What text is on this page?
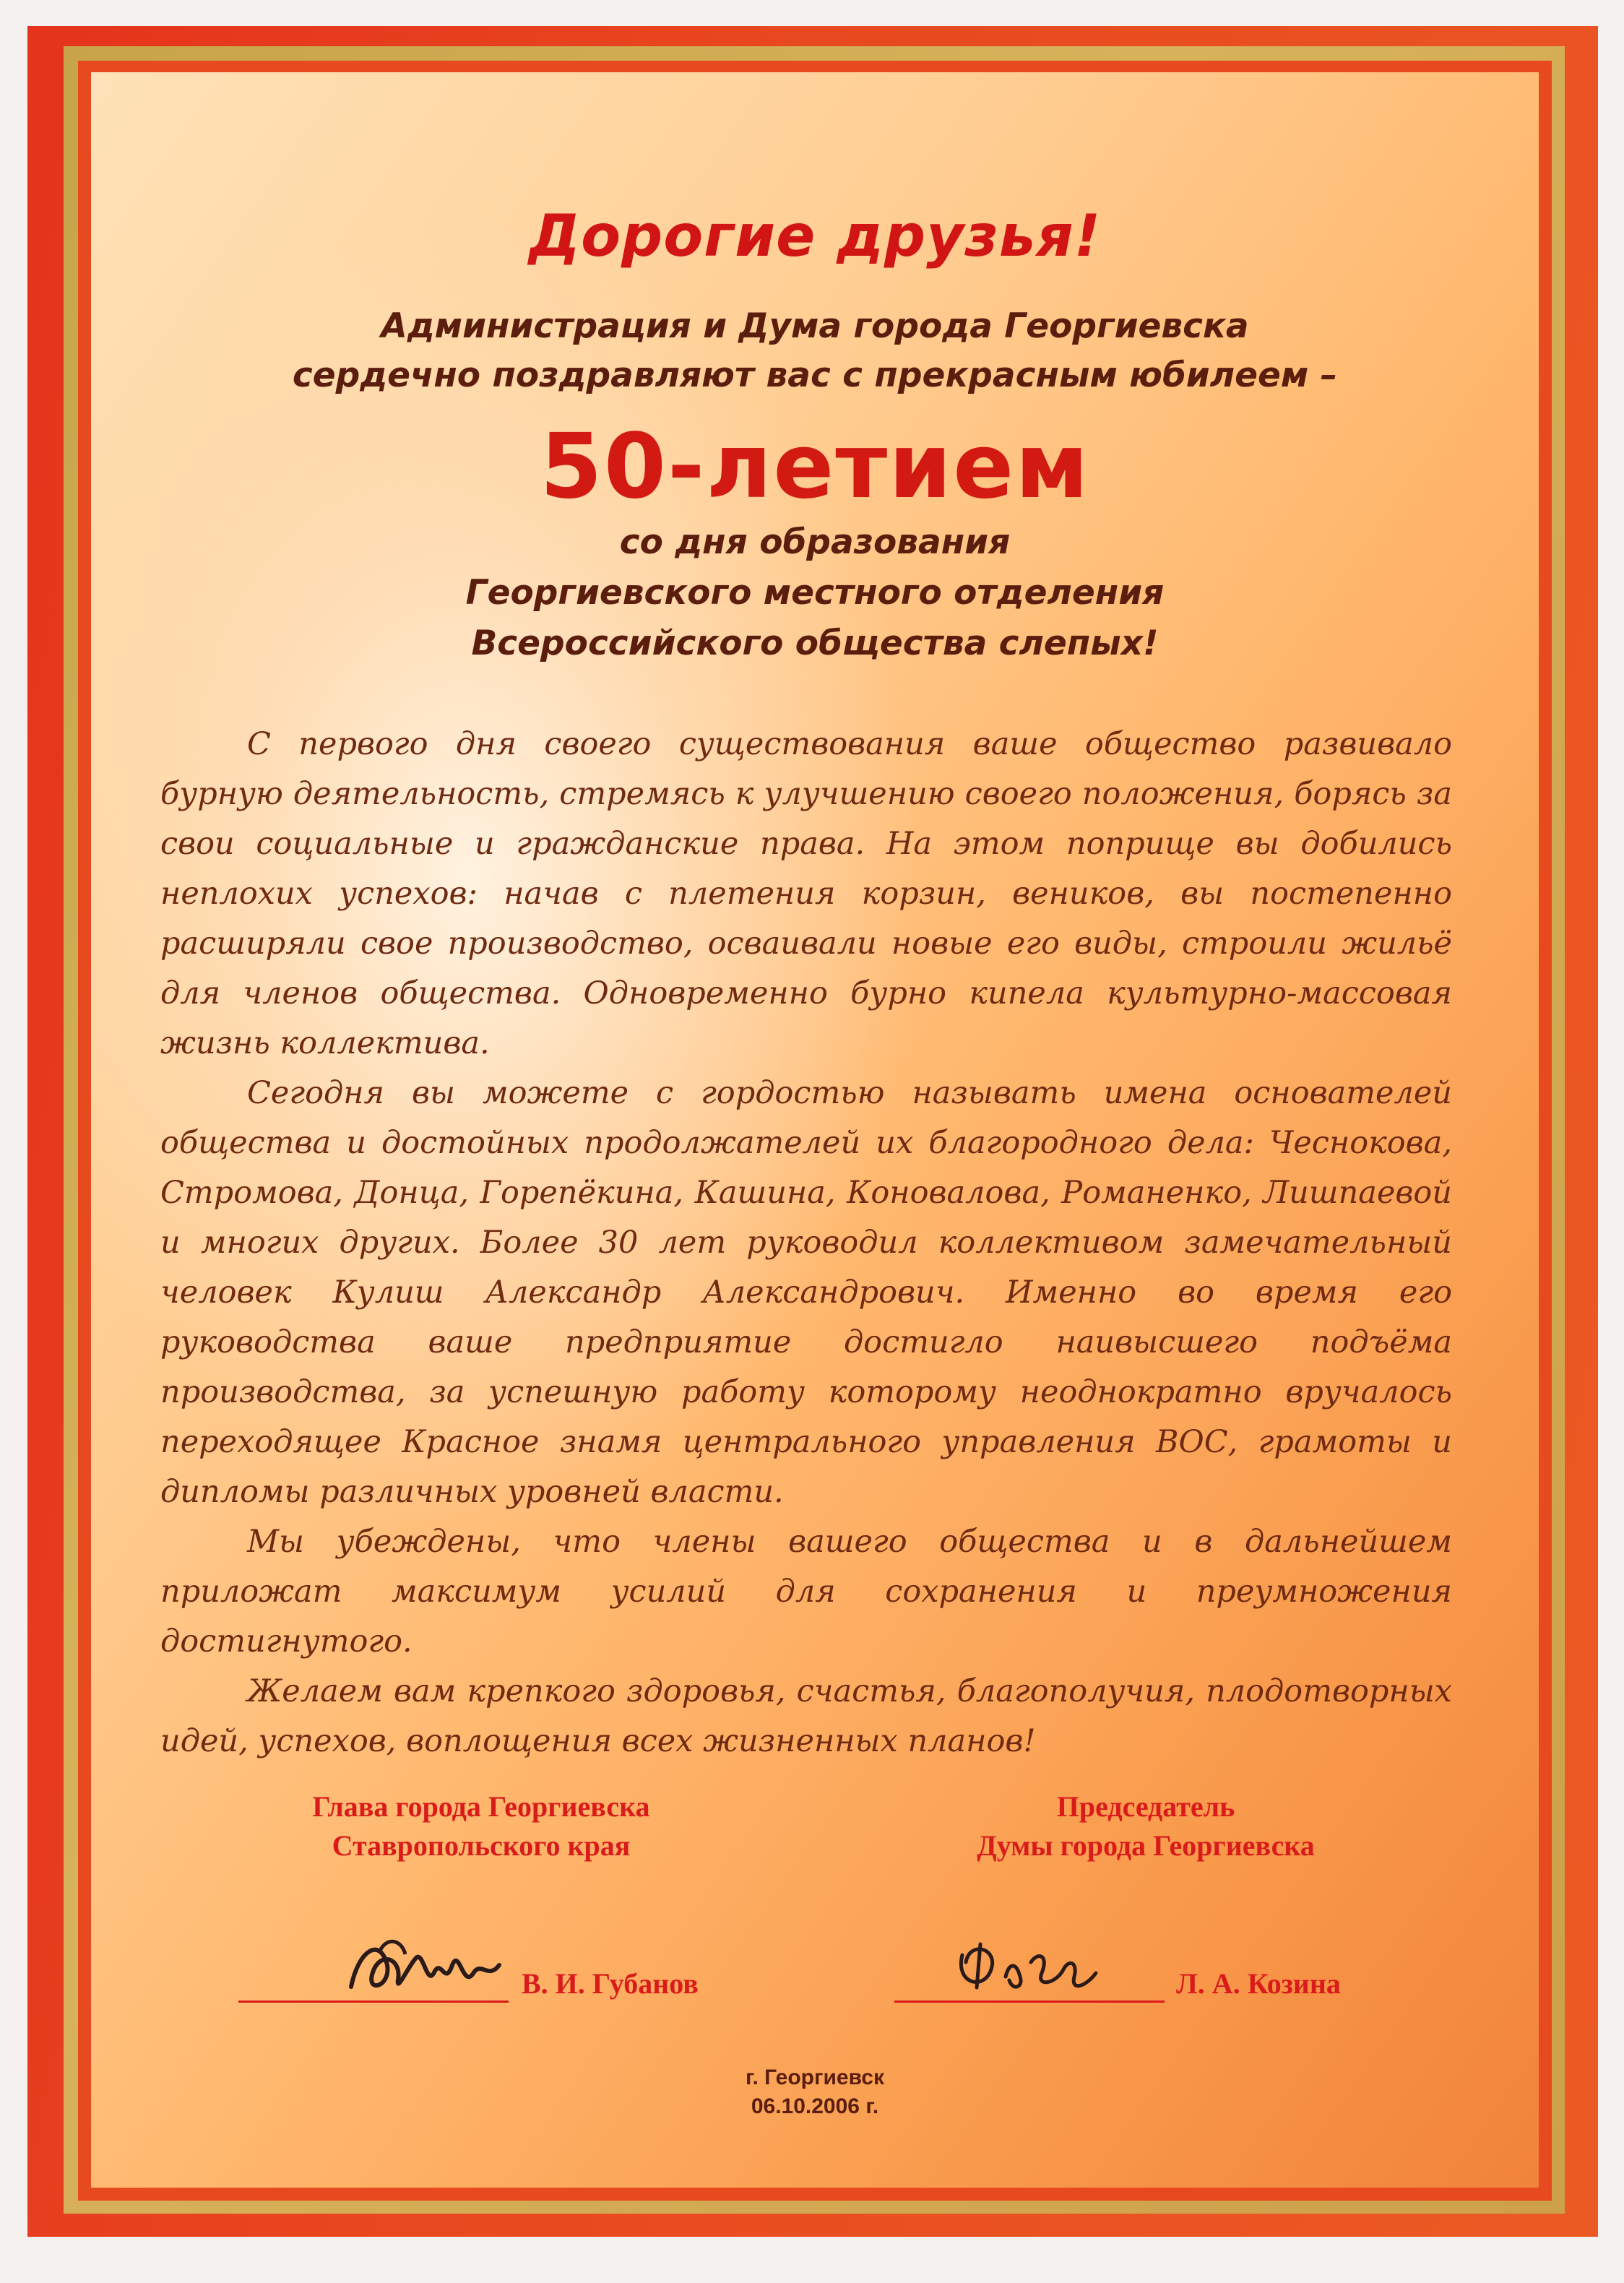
Дорогие друзья!
Администрация и Дума города Георгиевска
сердечно поздравляют вас с прекрасным юбилеем –
50-летием
со дня образования
Георгиевского местного отделения
Всероссийского общества слепых!

С первого дня своего существования ваше общество развивало бурную деятельность, стремясь к улучшению своего положения, борясь за свои социальные и гражданские права. На этом поприще вы добились неплохих успехов: начав с плетения корзин, веников, вы постепенно расширяли свое производство, осваивали новые его виды, строили жильё для членов общества. Одновременно бурно кипела культурно-массовая жизнь коллектива.

Сегодня вы можете с гордостью называть имена основателей общества и достойных продолжателей их благородного дела: Чеснокова, Стромова, Донца, Горепёкина, Кашина, Коновалова, Романенко, Лишпаевой и многих других. Более 30 лет руководил коллективом замечательный человек Кулиш Александр Александрович. Именно во время его руководства ваше предприятие достигло наивысшего подъёма производства, за успешную работу которому неоднократно вручалось переходящее Красное знамя центрального управления ВОС, грамоты и дипломы различных уровней власти.

Мы убеждены, что члены вашего общества и в дальнейшем приложат максимум усилий для сохранения и преумножения достигнутого.

Желаем вам крепкого здоровья, счастья, благополучия, плодотворных идей, успехов, воплощения всех жизненных планов!

Глава города Георгиевска
Ставропольского края
В. И. Губанов
Председатель
Думы города Георгиевска
Л. А. Козина
г. Георгиевск
06.10.2006 г.
